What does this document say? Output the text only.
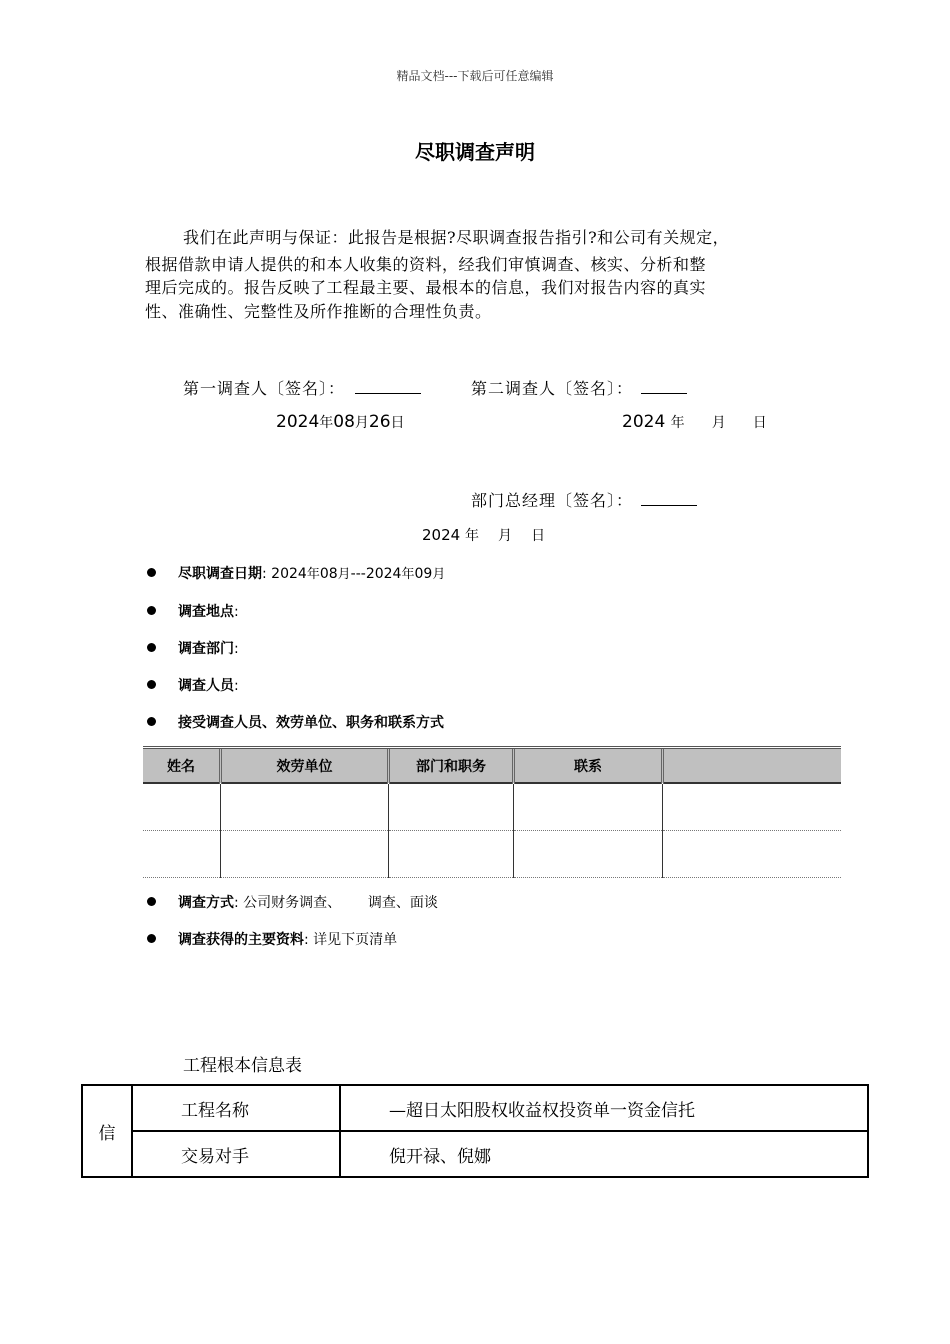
精品文档---下载后可任意编辑
尽职调查声明
我们在此声明与保证：此报告是根据?尽职调查报告指引?和公司有关规定，
根据借款申请人提供的和本人收集的资料，经我们审慎调查、核实、分析和整
理后完成的。报告反映了工程最主要、最根本的信息，我们对报告内容的真实
性、准确性、完整性及所作推断的合理性负责。
第一调查人〔签名〕：	第二调查人〔签名〕：
2024年08月26日	2024 年 月 日
部门总经理〔签名〕：
2024 年 月 日
尽职调查日期: 2024年08月---2024年09月
调查地点:
调查部门:
调查人员:
接受调查人员、效劳单位、职务和联系方式
姓名	效劳单位	部门和职务	联系	

调查方式: 公司财务调查、      调查、面谈
调查获得的主要资料: 详见下页清单
工程根本信息表
信	工程名称	—超日太阳股权收益权投资单一资金信托
	交易对手	倪开禄、倪娜
